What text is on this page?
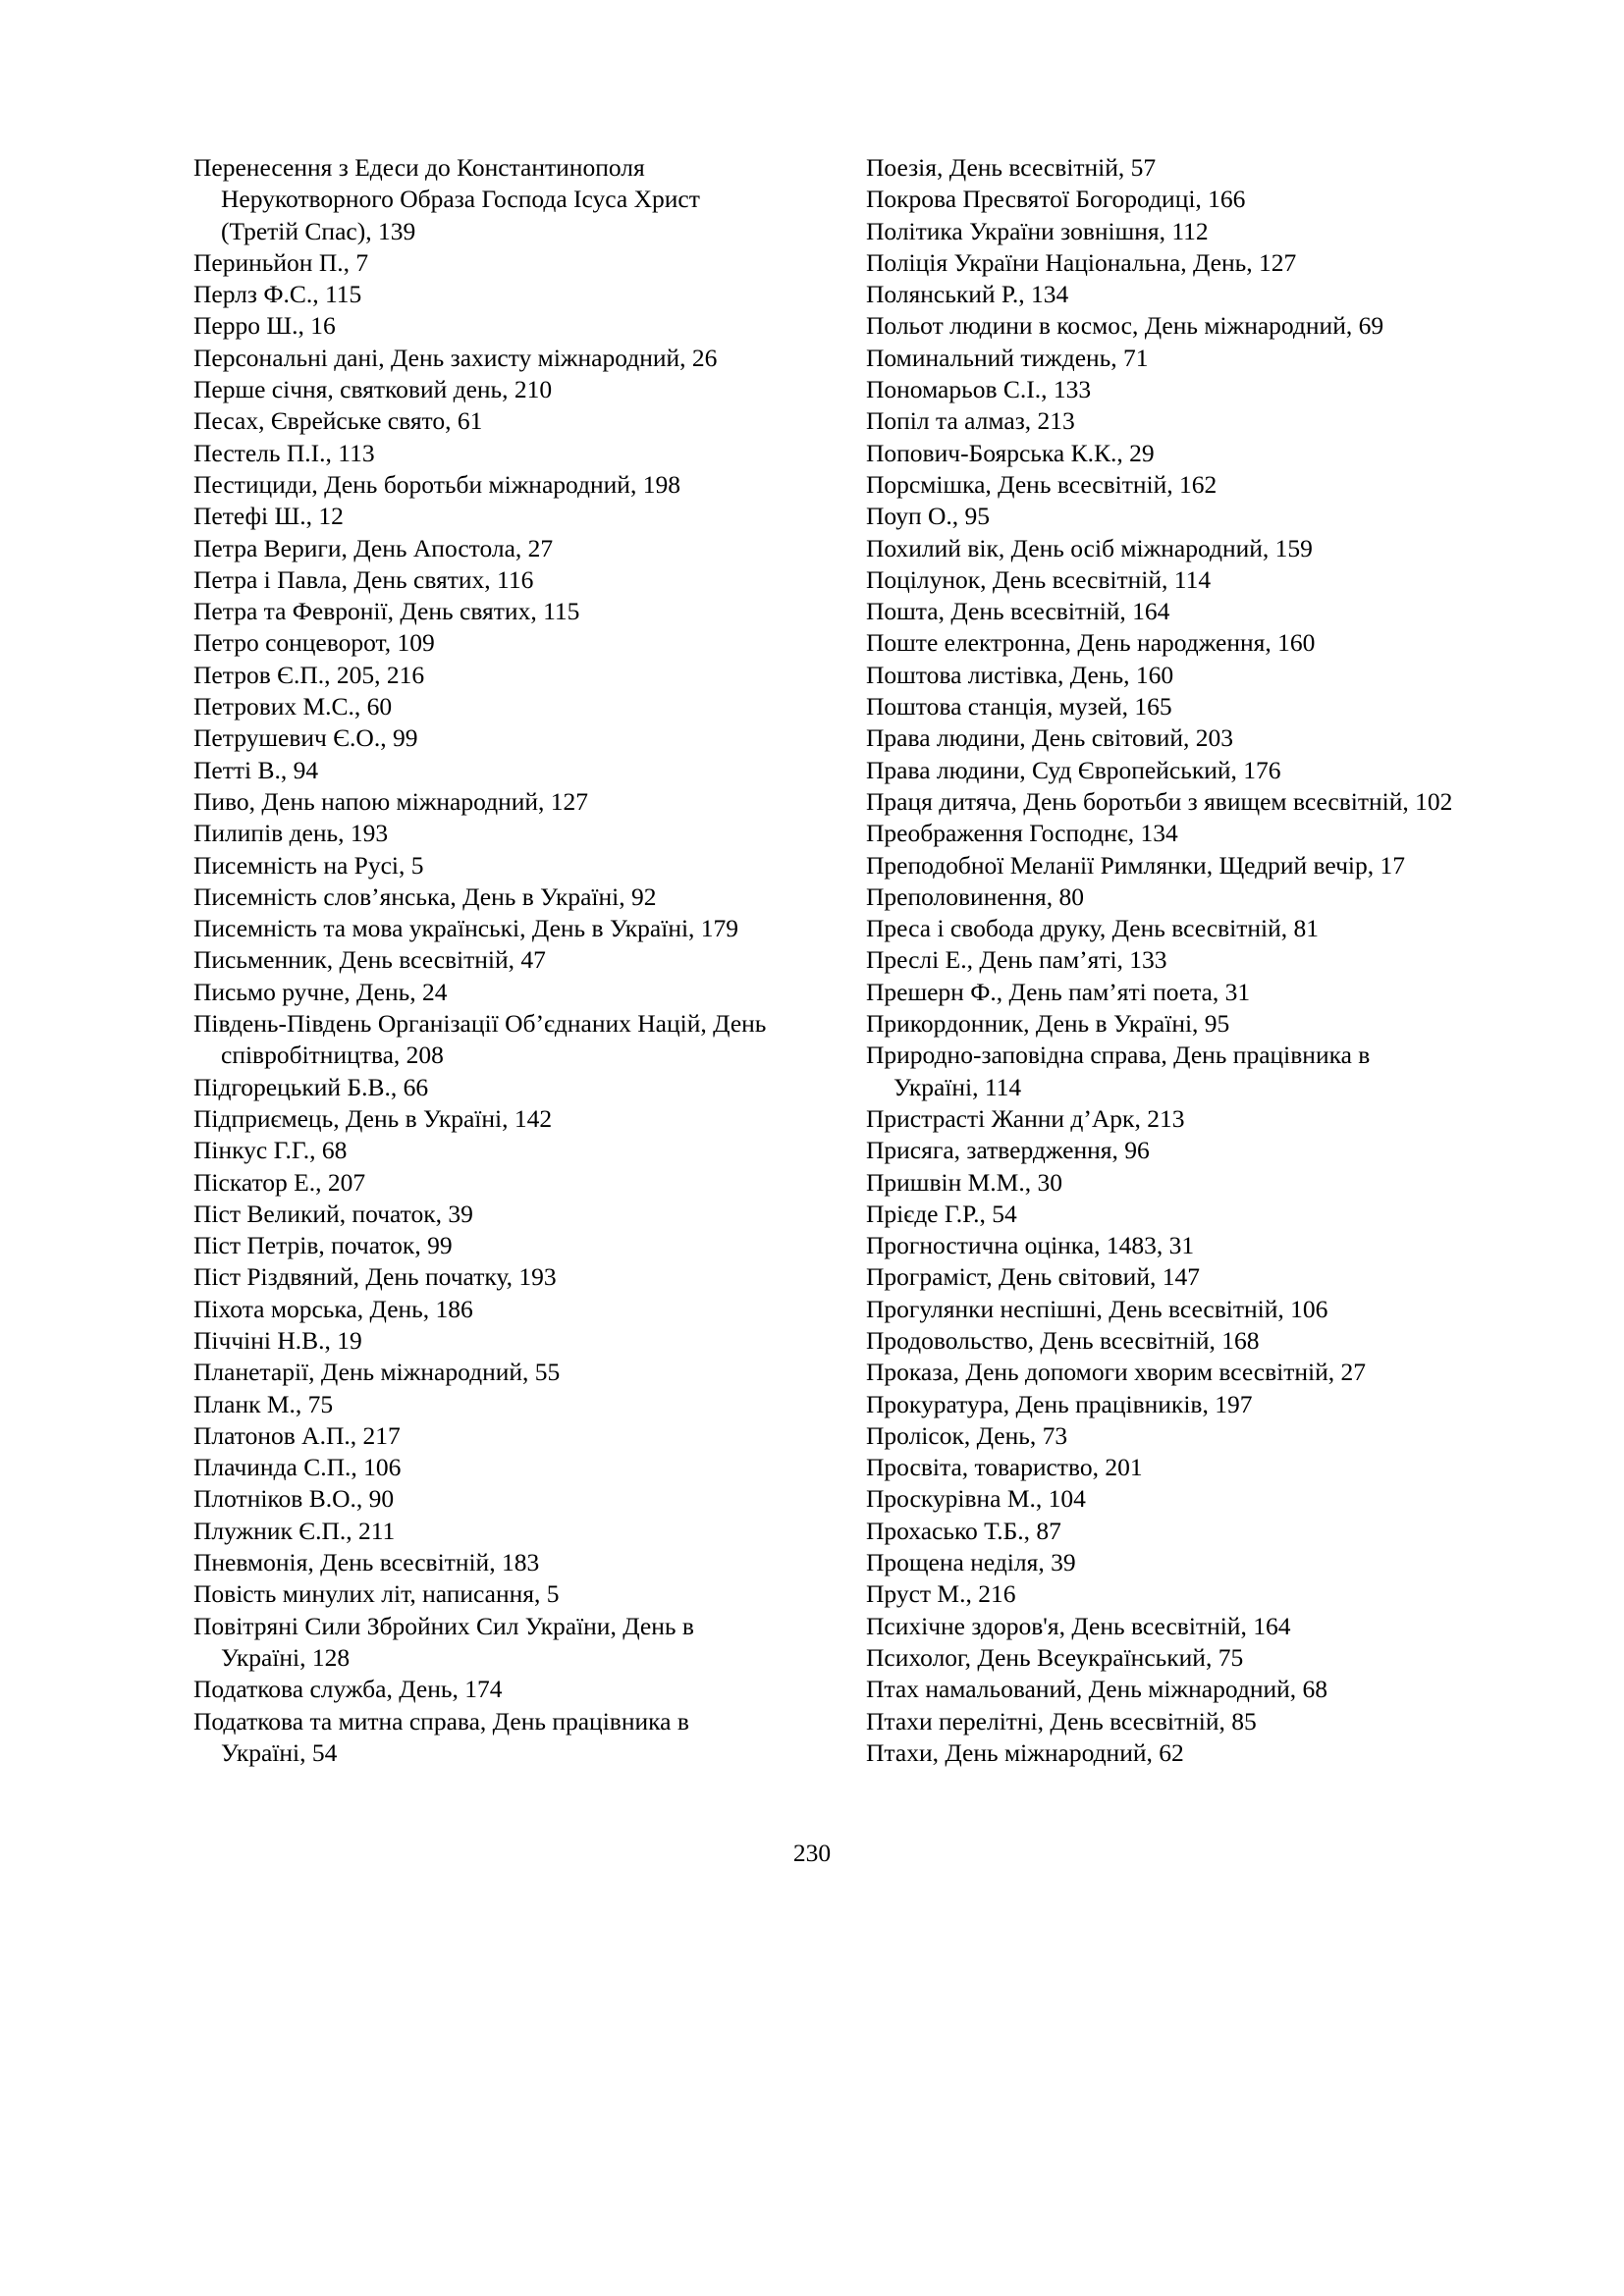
Перенесення з Едеси до Константинополя Нерукотворного Образа Господа Ісуса Христ (Третій Спас), 139
Периньйон П., 7
Перлз Ф.С., 115
Перро Ш., 16
Персональні дані, День захисту міжнародний, 26
Перше січня, святковий день, 210
Песах, Єврейське свято, 61
Пестель П.І., 113
Пестициди, День боротьби міжнародний, 198
Петефі Ш., 12
Петра Вериги, День Апостола, 27
Петра і Павла, День святих, 116
Петра та Февронії, День святих, 115
Петро сонцеворот, 109
Петров Є.П., 205, 216
Петрових М.С., 60
Петрушевич Є.О., 99
Петті В., 94
Пиво, День напою міжнародний, 127
Пилипів день, 193
Писемність на Русі, 5
Писемність слов’янська, День в Україні, 92
Писемність та мова українські, День в Україні, 179
Письменник, День всесвітній, 47
Письмо ручне, День, 24
Південь-Південь Організації Об’єднаних Націй, День співробітництва, 208
Підгорецький Б.В., 66
Підприємець, День в Україні, 142
Пінкус Г.Г., 68
Піскатор Е., 207
Піст Великий, початок, 39
Піст Петрів, початок, 99
Піст Різдвяний, День початку, 193
Піхота морська, День, 186
Піччіні Н.В., 19
Планетарії, День міжнародний, 55
Планк М., 75
Платонов А.П., 217
Плачинда С.П., 106
Плотніков В.О., 90
Плужник Є.П., 211
Пневмонія, День всесвітній, 183
Повість минулих літ, написання, 5
Повітряні Сили Збройних Сил України, День в Україні, 128
Податкова служба, День, 174
Податкова та митна справа, День працівника в Україні, 54
Поезія, День всесвітній, 57
Покрова Пресвятої Богородиці, 166
Політика України зовнішня, 112
Поліція України Національна, День, 127
Полянський Р., 134
Польот людини в космос, День міжнародний, 69
Поминальний тиждень, 71
Пономарьов С.І., 133
Попіл та алмаз, 213
Попович-Боярська К.К., 29
Порсмішка, День всесвітній, 162
Поуп О., 95
Похилий вік, День осіб міжнародний, 159
Поцілунок, День всесвітній, 114
Пошта, День всесвітній, 164
Поште електронна, День народження, 160
Поштова листівка, День, 160
Поштова станція, музей, 165
Права людини, День світовий, 203
Права людини, Суд Європейський, 176
Праця дитяча, День боротьби з явищем всесвітній, 102
Преображення Господнє, 134
Преподобної Меланії Римлянки, Щедрий вечір, 17
Преполовинення, 80
Преса і свобода друку, День всесвітній, 81
Преслі Е., День пам’яті, 133
Прешерн Ф., День пам’яті поета, 31
Прикордонник, День в Україні, 95
Природно-заповідна справа, День працівника в Україні, 114
Пристрасті Жанни д’Арк, 213
Присяга, затвердження, 96
Пришвін М.М., 30
Прієде Г.Р., 54
Прогностична оцінка, 1483, 31
Програміст, День світовий, 147
Прогулянки неспішні, День всесвітній, 106
Продовольство, День всесвітній, 168
Проказа, День допомоги хворим всесвітній, 27
Прокуратура, День працівників, 197
Пролісок, День, 73
Просвіта, товариство, 201
Проскурівна М., 104
Прохасько Т.Б., 87
Прощена неділя, 39
Пруст М., 216
Психічне здоров'я, День всесвітній, 164
Психолог, День Всеукраїнський, 75
Птах намальований, День міжнародний, 68
Птахи перелітні, День всесвітній, 85
Птахи, День міжнародний, 62
230
